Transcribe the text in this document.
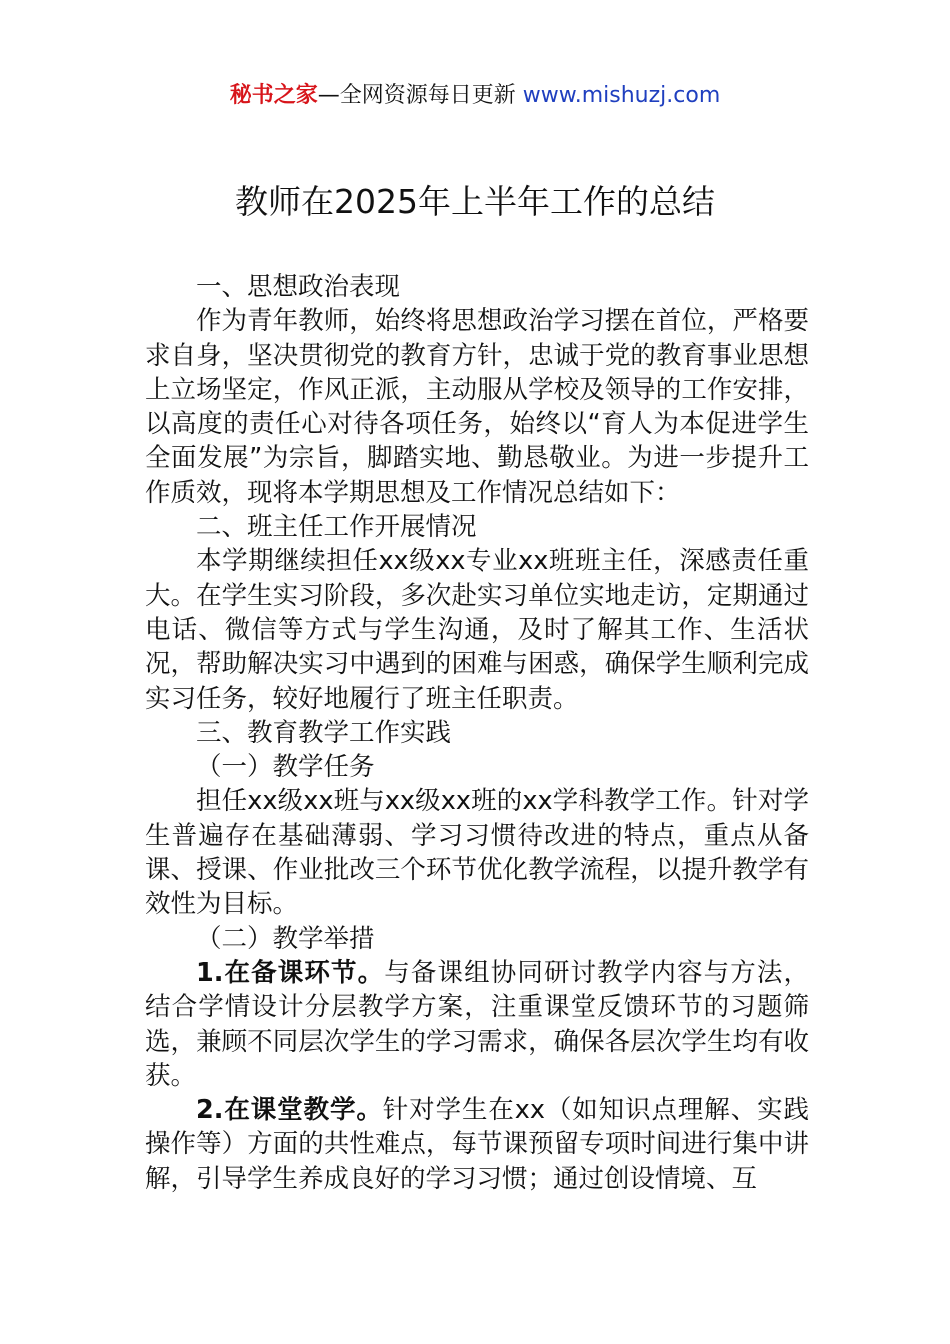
秘书之家—全网资源每日更新 www.mishuzj.com
教师在2025年上半年工作的总结

一、思想政治表现

作为青年教师，始终将思想政治学习摆在首位，严格要求自身，坚决贯彻党的教育方针，忠诚于党的教育事业思想上立场坚定，作风正派，主动服从学校及领导的工作安排，以高度的责任心对待各项任务，始终以“育人为本促进学生全面发展”为宗旨，脚踏实地、勤恳敬业。为进一步提升工作质效，现将本学期思想及工作情况总结如下：

二、班主任工作开展情况

本学期继续担任xx级xx专业xx班班主任，深感责任重大。在学生实习阶段，多次赴实习单位实地走访，定期通过电话、微信等方式与学生沟通，及时了解其工作、生活状况，帮助解决实习中遇到的困难与困惑，确保学生顺利完成实习任务，较好地履行了班主任职责。

三、教育教学工作实践

（一）教学任务

担任xx级xx班与xx级xx班的xx学科教学工作。针对学生普遍存在基础薄弱、学习习惯待改进的特点，重点从备课、授课、作业批改三个环节优化教学流程，以提升教学有效性为目标。

（二）教学举措

1.在备课环节。与备课组协同研讨教学内容与方法，结合学情设计分层教学方案，注重课堂反馈环节的习题筛选，兼顾不同层次学生的学习需求，确保各层次学生均有收获。

2.在课堂教学。针对学生在xx（如知识点理解、实践操作等）方面的共性难点，每节课预留专项时间进行集中讲解，引导学生养成良好的学习习惯；通过创设情境、互
